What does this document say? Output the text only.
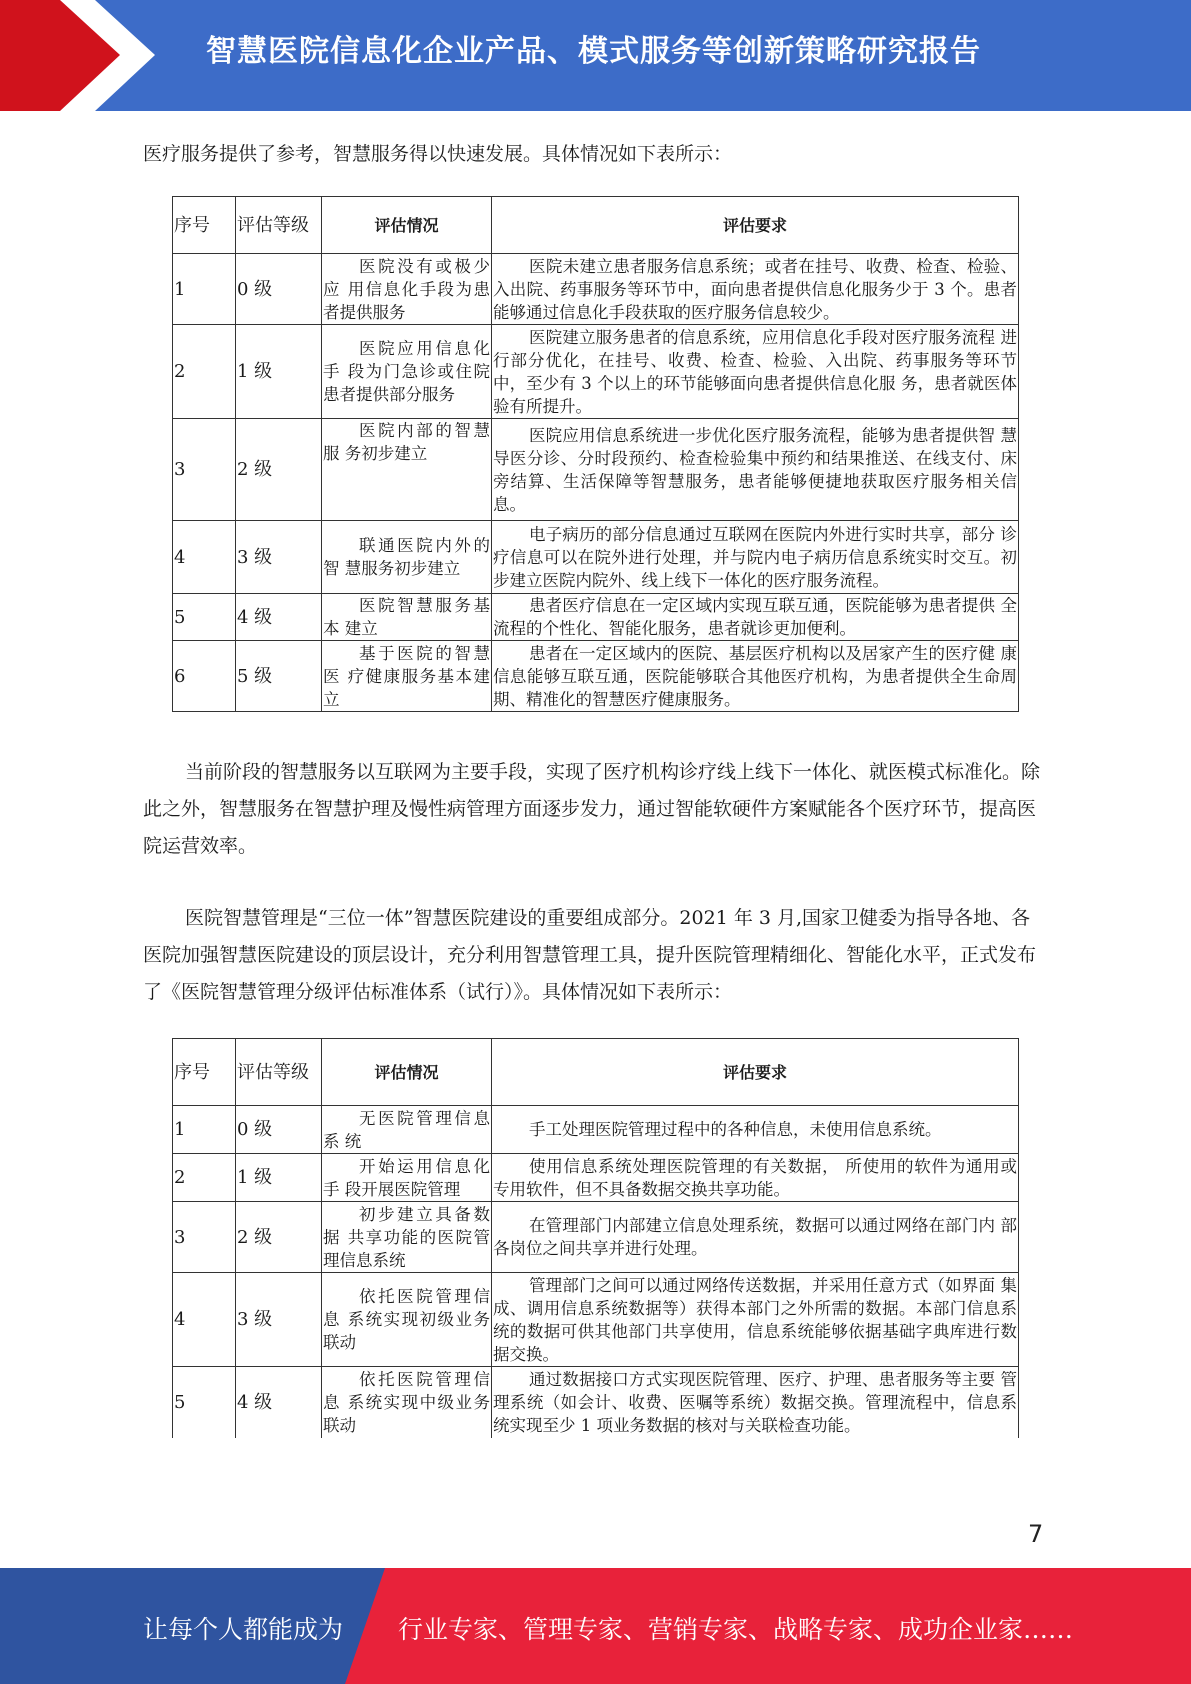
智慧医院信息化企业产品、模式服务等创新策略研究报告

医疗服务提供了参考，智慧服务得以快速发展。具体情况如下表所示：

序号	评估等级	评估情况	评估要求
1	0 级	医院没有或极少应 用信息化手段为患 者提供服务	医院未建立患者服务信息系统；或者在挂号、收费、检查、检验、入出院、药事服务等环节中，面向患者提供信息化服务少于 3 个。患者能够通过信息化手段获取的医疗服务信息较少。
2	1 级	医院应用信息化手 段为门急诊或住院 患者提供部分服务	医院建立服务患者的信息系统，应用信息化手段对医疗服务流程 进行部分优化，在挂号、收费、检查、检验、入出院、药事服务等环节中，至少有 3 个以上的环节能够面向患者提供信息化服 务，患者就医体验有所提升。
3	2 级	医院内部的智慧服 务初步建立	医院应用信息系统进一步优化医疗服务流程，能够为患者提供智 慧导医分诊、分时段预约、检查检验集中预约和结果推送、在线支付、床旁结算、生活保障等智慧服务，患者能够便捷地获取医疗服务相关信息。
4	3 级	联通医院内外的智 慧服务初步建立	电子病历的部分信息通过互联网在医院内外进行实时共享，部分 诊疗信息可以在院外进行处理，并与院内电子病历信息系统实时交互。初步建立医院内院外、线上线下一体化的医疗服务流程。
5	4 级	医院智慧服务基本 建立	患者医疗信息在一定区域内实现互联互通，医院能够为患者提供 全流程的个性化、智能化服务，患者就诊更加便利。
6	5 级	基于医院的智慧医 疗健康服务基本建 立	患者在一定区域内的医院、基层医疗机构以及居家产生的医疗健 康信息能够互联互通，医院能够联合其他医疗机构，为患者提供全生命周期、精准化的智慧医疗健康服务。

当前阶段的智慧服务以互联网为主要手段，实现了医疗机构诊疗线上线下一体化、就医模式标准化。除此之外，智慧服务在智慧护理及慢性病管理方面逐步发力，通过智能软硬件方案赋能各个医疗环节，提高医院运营效率。

医院智慧管理是“三位一体”智慧医院建设的重要组成部分。2021 年 3 月,国家卫健委为指导各地、各医院加强智慧医院建设的顶层设计，充分利用智慧管理工具，提升医院管理精细化、智能化水平，正式发布了《医院智慧管理分级评估标准体系（试行）》。具体情况如下表所示：

序号	评估等级	评估情况	评估要求
1	0 级	无医院管理信息系 统	手工处理医院管理过程中的各种信息，未使用信息系统。
2	1 级	开始运用信息化手 段开展医院管理	使用信息系统处理医院管理的有关数据， 所使用的软件为通用或 专用软件，但不具备数据交换共享功能。
3	2 级	初步建立具备数据 共享功能的医院管 理信息系统	在管理部门内部建立信息处理系统，数据可以通过网络在部门内 部各岗位之间共享并进行处理。
4	3 级	依托医院管理信息 系统实现初级业务 联动	管理部门之间可以通过网络传送数据，并采用任意方式（如界面 集成、调用信息系统数据等）获得本部门之外所需的数据。本部门信息系统的数据可供其他部门共享使用，信息系统能够依据基础字典库进行数据交换。
5	4 级	依托医院管理信息 系统实现中级业务 联动	通过数据接口方式实现医院管理、医疗、护理、患者服务等主要 管理系统（如会计、收费、医嘱等系统）数据交换。管理流程中，信息系统实现至少 1 项业务数据的核对与关联检查功能。
7
让每个人都能成为 行业专家、管理专家、营销专家、战略专家、成功企业家……
